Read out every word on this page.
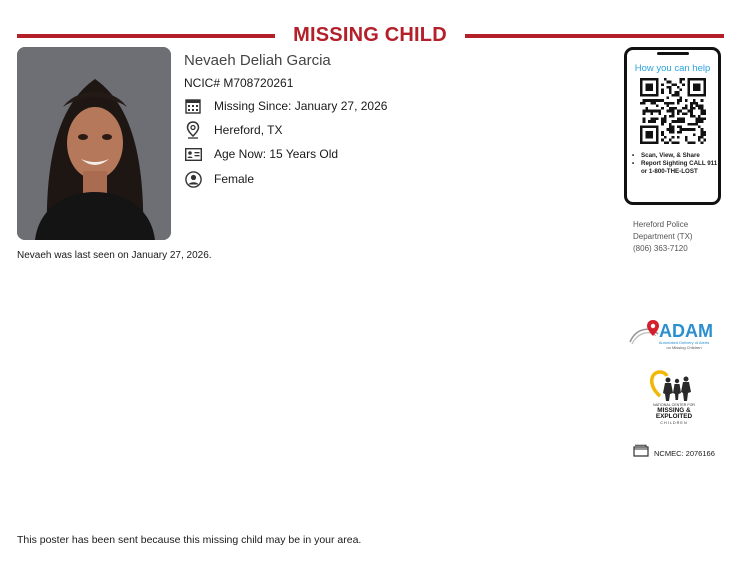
MISSING CHILD
Nevaeh Deliah Garcia
NCIC# M708720261
Missing Since: January 27, 2026
Hereford, TX
Age Now: 15 Years Old
Female
Nevaeh was last seen on January 27, 2026.
How you can help
• Scan, View, & Share
• Report Sighting CALL 911 or 1-800-THE-LOST
Hereford Police
Department (TX)
(806) 363-7120
ADAM
Automated Delivery of Alerts
on Missing Children
NATIONAL CENTER FOR
MISSING &
EXPLOITED
CHILDREN
NCMEC: 2076166
This poster has been sent because this missing child may be in your area.
